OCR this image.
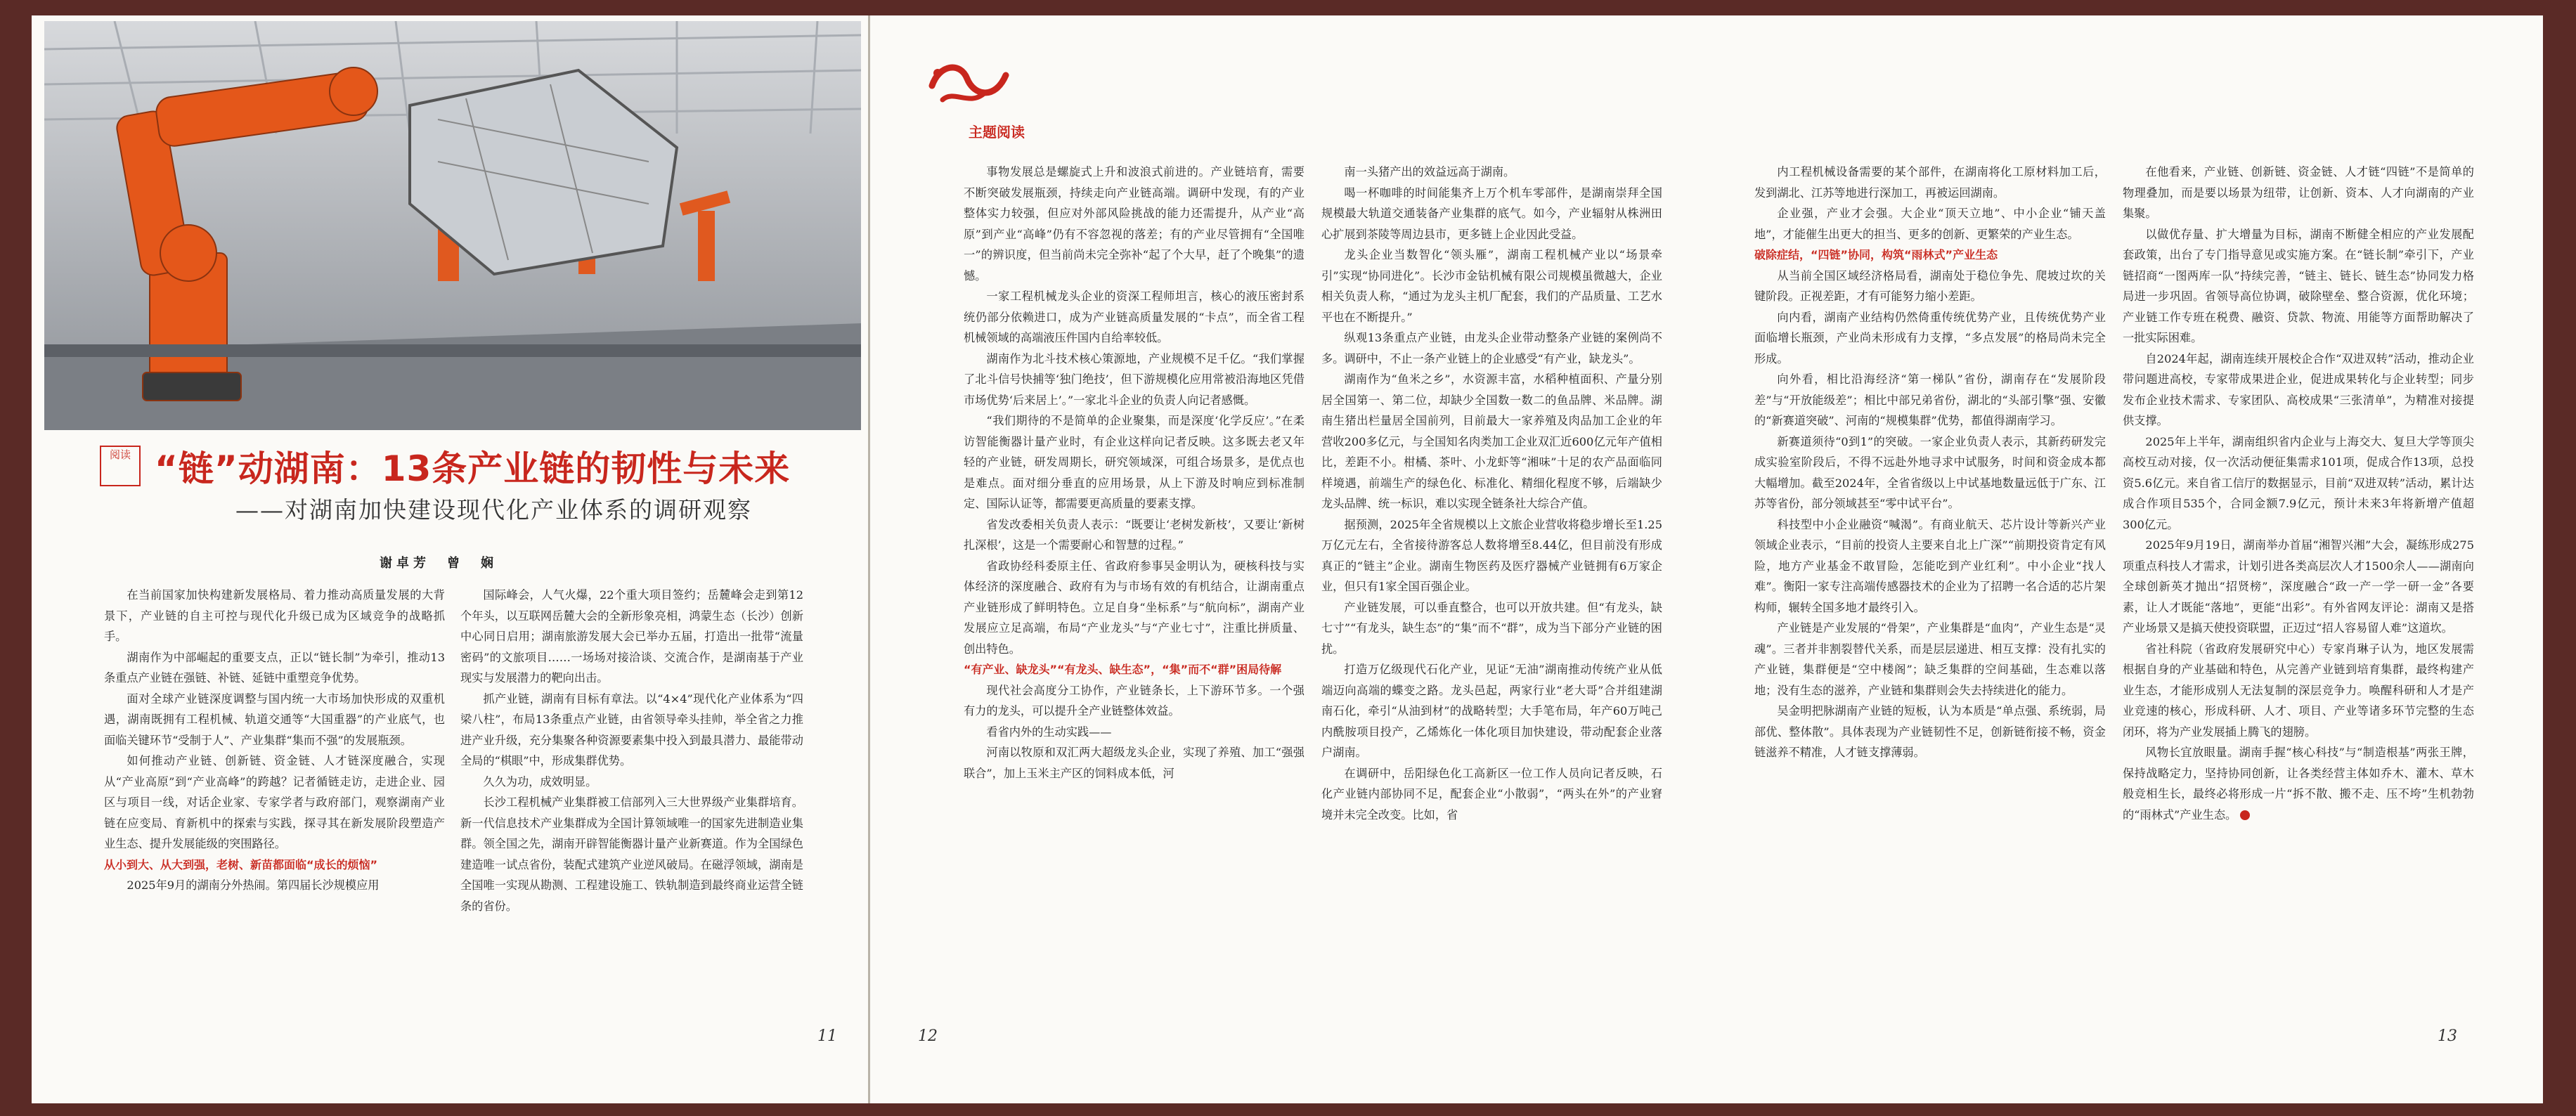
阅读 “链”动湖南：13条产业链的韧性与未来
——对湖南加快建设现代化产业体系的调研观察
谢卓芳　曾　娴

在当前国家加快构建新发展格局、着力推动高质量发展的大背景下，产业链的自主可控与现代化升级已成为区域竞争的战略抓手。

湖南作为中部崛起的重要支点，正以“链长制”为牵引，推动13条重点产业链在强链、补链、延链中重塑竞争优势。

面对全球产业链深度调整与国内统一大市场加快形成的双重机遇，湖南既拥有工程机械、轨道交通等“大国重器”的产业底气，也面临关键环节“受制于人”、产业集群“集而不强”的发展瓶颈。

如何推动产业链、创新链、资金链、人才链深度融合，实现从“产业高原”到“产业高峰”的跨越？记者循链走访，走进企业、园区与项目一线，对话企业家、专家学者与政府部门，观察湖南产业链在应变局、育新机中的探索与实践，探寻其在新发展阶段塑造产业生态、提升发展能级的突围路径。

从小到大、从大到强，老树、新苗都面临“成长的烦恼”

2025年9月的湖南分外热闹。第四届长沙规模应用

国际峰会，人气火爆，22个重大项目签约；岳麓峰会走到第12个年头，以互联网岳麓大会的全新形象亮相，鸿蒙生态（长沙）创新中心同日启用；湖南旅游发展大会已举办五届，打造出一批带“流量密码”的文旅项目……一场场对接洽谈、交流合作，是湖南基于产业现实与发展潜力的靶向出击。

抓产业链，湖南有目标有章法。以“4×4”现代化产业体系为“四梁八柱”，布局13条重点产业链，由省领导牵头挂帅，举全省之力推进产业升级，充分集聚各种资源要素集中投入到最具潜力、最能带动全局的“棋眼”中，形成集群优势。

久久为功，成效明显。

长沙工程机械产业集群被工信部列入三大世界级产业集群培育。新一代信息技术产业集群成为全国计算领域唯一的国家先进制造业集群。领全国之先，湖南开辟智能衡器计量产业新赛道。作为全国绿色建造唯一试点省份，装配式建筑产业逆风破局。在磁浮领域，湖南是全国唯一实现从勘测、工程建设施工、铁轨制造到最终商业运营全链条的省份。

11
主题阅读

事物发展总是螺旋式上升和波浪式前进的。产业链培育，需要不断突破发展瓶颈，持续走向产业链高端。调研中发现，有的产业整体实力较强，但应对外部风险挑战的能力还需提升，从产业“高原”到产业“高峰”仍有不容忽视的落差；有的产业尽管拥有“全国唯一”的辨识度，但当前尚未完全弥补“起了个大早，赶了个晚集”的遗憾。

一家工程机械龙头企业的资深工程师坦言，核心的液压密封系统仍部分依赖进口，成为产业链高质量发展的“卡点”，而全省工程机械领域的高端液压件国内自给率较低。

湖南作为北斗技术核心策源地，产业规模不足千亿。“我们掌握了北斗信号快捕等‘独门绝技’，但下游规模化应用常被沿海地区凭借市场优势‘后来居上’。”一家北斗企业的负责人向记者感慨。

“我们期待的不是简单的企业聚集，而是深度‘化学反应’。”在柔访智能衡器计量产业时，有企业这样向记者反映。这多既去老又年轻的产业链，研发周期长，研究领域深，可组合场景多，是优点也是难点。面对细分垂直的应用场景，从上下游及时响应到标准制定、国际认证等，都需要更高质量的要素支撑。

省发改委相关负责人表示：“既要让‘老树发新枝’，又要让‘新树扎深根’，这是一个需要耐心和智慧的过程。”

省政协经科委原主任、省政府参事吴金明认为，硬核科技与实体经济的深度融合、政府有为与市场有效的有机结合，让湖南重点产业链形成了鲜明特色。立足自身“坐标系”与“航向标”，湖南产业发展应立足高端，布局“产业龙头”与“产业七寸”，注重比拼质量、创出特色。

“有产业、缺龙头”“有龙头、缺生态”，“集”而不“群”困局待解

现代社会高度分工协作，产业链条长，上下游环节多。一个强有力的龙头，可以提升全产业链整体效益。

看省内外的生动实践——

河南以牧原和双汇两大超级龙头企业，实现了养殖、加工“强强联合”，加上玉米主产区的饲料成本低，河

南一头猪产出的效益远高于湖南。

喝一杯咖啡的时间能集齐上万个机车零部件，是湖南崇拜全国规模最大轨道交通装备产业集群的底气。如今，产业辐射从株洲田心扩展到茶陵等周边县市，更多链上企业因此受益。

龙头企业当数智化“领头雁”，湖南工程机械产业以“场景牵引”实现“协同进化”。长沙市金钻机械有限公司规模虽微越大，企业相关负责人称，“通过为龙头主机厂配套，我们的产品质量、工艺水平也在不断提升。”

纵观13条重点产业链，由龙头企业带动整条产业链的案例尚不多。调研中，不止一条产业链上的企业感受“有产业，缺龙头”。

湖南作为“鱼米之乡”，水资源丰富，水稻种植面积、产量分别居全国第一、第二位，却缺少全国数一数二的鱼品牌、米品牌。湖南生猪出栏量居全国前列，目前最大一家养殖及肉品加工企业的年营收200多亿元，与全国知名肉类加工企业双汇近600亿元年产值相比，差距不小。柑橘、茶叶、小龙虾等“湘味”十足的农产品面临同样境遇，前端生产的绿色化、标准化、精细化程度不够，后端缺少龙头品牌、统一标识，难以实现全链条社大综合产值。

据预测，2025年全省规模以上文旅企业营收将稳步增长至1.25万亿元左右，全省接待游客总人数将增至8.44亿，但目前没有形成真正的“链主”企业。湖南生物医药及医疗器械产业链拥有6万家企业，但只有1家全国百强企业。

产业链发展，可以垂直整合，也可以开放共建。但“有龙头，缺七寸”“有龙头，缺生态”的“集”而不“群”，成为当下部分产业链的困扰。

打造万亿级现代石化产业，见证“无油”湖南推动传统产业从低端迈向高端的蝶变之路。龙头邑起，两家行业“老大哥”合并组建湖南石化，牵引“从油到材”的战略转型；大手笔布局，年产60万吨己内酰胺项目投产，乙烯炼化一体化项目加快建设，带动配套企业落户湖南。

在调研中，岳阳绿色化工高新区一位工作人员向记者反映，石化产业链内部协同不足，配套企业“小散弱”，“两头在外”的产业窘境并未完全改变。比如，省

内工程机械设备需要的某个部件，在湖南将化工原材料加工后，发到湖北、江苏等地进行深加工，再被运回湖南。

企业强，产业才会强。大企业“顶天立地”、中小企业“铺天盖地”，才能催生出更大的担当、更多的创新、更繁荣的产业生态。

破除症结，“四链”协同，构筑“雨林式”产业生态

从当前全国区域经济格局看，湖南处于稳位争先、爬坡过坎的关键阶段。正视差距，才有可能努力缩小差距。

向内看，湖南产业结构仍然倚重传统优势产业，且传统优势产业面临增长瓶颈，产业尚未形成有力支撑，“多点发展”的格局尚未完全形成。

向外看，相比沿海经济“第一梯队”省份，湖南存在“发展阶段差”与“开放能级差”；相比中部兄弟省份，湖北的“头部引擎”强、安徽的“新赛道突破”、河南的“规模集群”优势，都值得湖南学习。

新赛道须待“0到1”的突破。一家企业负责人表示，其新药研发完成实验室阶段后，不得不远赴外地寻求中试服务，时间和资金成本都大幅增加。截至2024年，全省省级以上中试基地数量远低于广东、江苏等省份，部分领域甚至“零中试平台”。

科技型中小企业融资“喊渴”。有商业航天、芯片设计等新兴产业领域企业表示，“目前的投资人主要来自北上广深”“前期投资肯定有风险，地方产业基金不敢冒险，怎能吃到产业红利”。中小企业“找人难”。衡阳一家专注高端传感器技术的企业为了招聘一名合适的芯片架构师，辗转全国多地才最终引入。

产业链是产业发展的“骨架”，产业集群是“血肉”，产业生态是“灵魂”。三者并非割裂替代关系，而是层层递进、相互支撑：没有扎实的产业链，集群便是“空中楼阁”；缺乏集群的空间基础，生态难以落地；没有生态的滋养，产业链和集群则会失去持续进化的能力。

吴金明把脉湖南产业链的短板，认为本质是“单点强、系统弱，局部优、整体散”。具体表现为产业链韧性不足，创新链衔接不畅，资金链滋养不精准，人才链支撑薄弱。

在他看来，产业链、创新链、资金链、人才链“四链”不是简单的物理叠加，而是要以场景为纽带，让创新、资本、人才向湖南的产业集聚。

以做优存量、扩大增量为目标，湖南不断健全相应的产业发展配套政策，出台了专门指导意见或实施方案。在“链长制”牵引下，产业链招商“一图两库一队”持续完善，“链主、链长、链生态”协同发力格局进一步巩固。省领导高位协调，破除壁垒、整合资源，优化环境；产业链工作专班在税费、融资、贷款、物流、用能等方面帮助解决了一批实际困难。

自2024年起，湖南连续开展校企合作“双进双转”活动，推动企业带问题进高校，专家带成果进企业，促进成果转化与企业转型；同步发布企业技术需求、专家团队、高校成果“三张清单”，为精准对接提供支撑。

2025年上半年，湖南组织省内企业与上海交大、复旦大学等顶尖高校互动对接，仅一次活动便征集需求101项，促成合作13项，总投资5.6亿元。来自省工信厅的数据显示，目前“双进双转”活动，累计达成合作项目535个，合同金额7.9亿元，预计未来3年将新增产值超300亿元。

2025年9月19日，湖南举办首届“湘智兴湘”大会，凝练形成275项重点科技人才需求，计划引进各类高层次人才1500余人——湖南向全球创新英才抛出“招贤榜”，深度融合“政一产一学一研一金”各要素，让人才既能“落地”，更能“出彩”。有外省网友评论：湖南又是搭产业场景又是搞天使投资联盟，正迈过“招人容易留人难”这道坎。

省社科院（省政府发展研究中心）专家肖琳子认为，地区发展需根据自身的产业基础和特色，从完善产业链到培育集群，最终构建产业生态，才能形成别人无法复制的深层竞争力。唤醒科研和人才是产业竞速的核心，形成科研、人才、项目、产业等诸多环节完整的生态闭环，将为产业发展插上腾飞的翅膀。

风物长宜放眼量。湖南手握“核心科技”与“制造根基”两张王牌，保持战略定力，坚持协同创新，让各类经营主体如乔木、灌木、草木般竞相生长，最终必将形成一片“拆不散、搬不走、压不垮”生机勃勃的“雨林式”产业生态。

12	13
